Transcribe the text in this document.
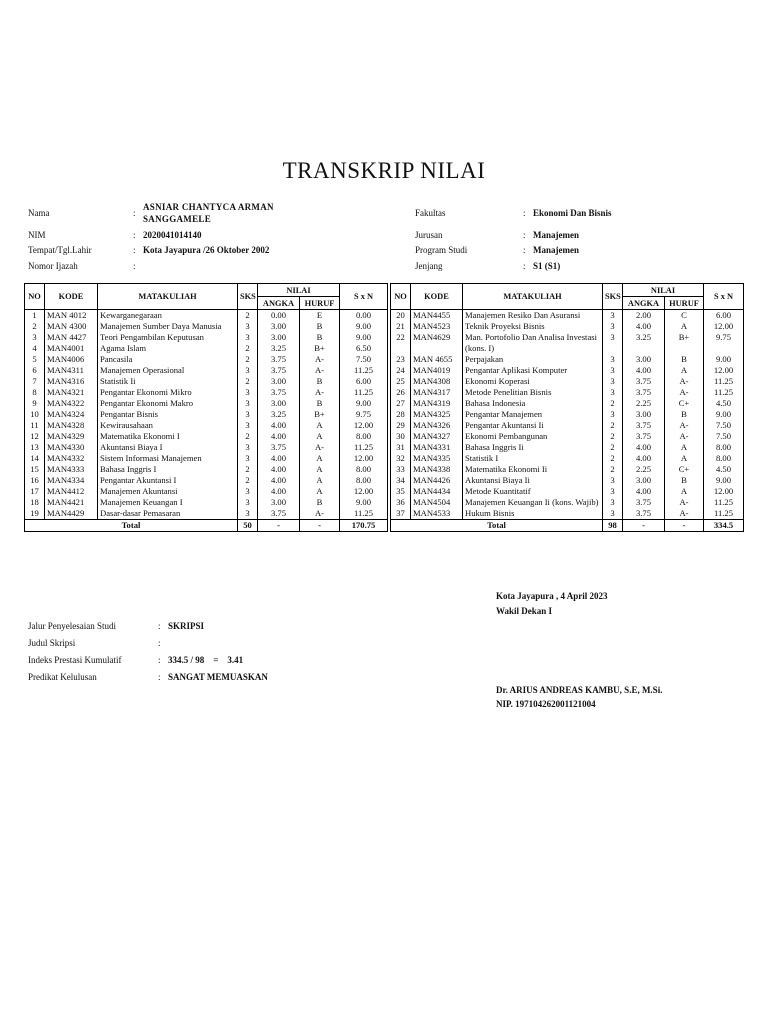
TRANSKRIP NILAI
Nama	:
ASNIAR CHANTYCA ARMAN SANGGAMELE
NIM	: 2020041014140
Tempat/Tgl.Lahir	: Kota Jayapura /26 Oktober 2002
Nomor Ijazah	:
Fakultas	: Ekonomi Dan Bisnis
Jurusan	: Manajemen
Program Studi	: Manajemen
Jenjang	: S1 (S1)
NO	KODE	MATAKULIAH	SKS	NILAI		S x N
				ANGKA	HURUF	
1	MAN 4012	Kewarganegaraan	2	0.00	E	0.00
2	MAN 4300	Manajemen Sumber Daya Manusia	3	3.00	B	9.00
3	MAN 4427	Teori Pengambilan Keputusan	3	3.00	B	9.00
4	MAN4001	Agama Islam	2	3.25	B+	6.50
5	MAN4006	Pancasila	2	3.75	A-	7.50
6	MAN4311	Manajemen Operasional	3	3.75	A-	11.25
7	MAN4316	Statistik Ii	2	3.00	B	6.00
8	MAN4321	Pengantar Ekonomi Mikro	3	3.75	A-	11.25
9	MAN4322	Pengantar Ekonomi Makro	3	3.00	B	9.00
10	MAN4324	Pengantar Bisnis	3	3.25	B+	9.75
11	MAN4328	Kewirausahaan	3	4.00	A	12.00
12	MAN4329	Matematika Ekonomi I	2	4.00	A	8.00
13	MAN4330	Akuntansi Biaya I	3	3.75	A-	11.25
14	MAN4332	Sistem Informasi Manajemen	3	4.00	A	12.00
15	MAN4333	Bahasa Inggris I	2	4.00	A	8.00
16	MAN4334	Pengantar Akuntansi I	2	4.00	A	8.00
17	MAN4412	Manajemen Akuntansi	3	4.00	A	12.00
18	MAN4421	Manajemen Keuangan I	3	3.00	B	9.00
19	MAN4429	Dasar-dasar Pemasaran	3	3.75	A-	11.25
Total			50	-	-	170.75
NO	KODE	MATAKULIAH	SKS	NILAI		S x N
				ANGKA	HURUF	
20	MAN4455	Manajemen Resiko Dan Asuransi	3	2.00	C	6.00
21	MAN4523	Teknik Proyeksi Bisnis	3	4.00	A	12.00
22	MAN4629	Man. Portofolio Dan Analisa Investasi (kons. I)	3	3.25	B+	9.75
23	MAN 4655	Perpajakan	3	3.00	B	9.00
24	MAN4019	Pengantar Aplikasi Komputer	3	4.00	A	12.00
25	MAN4308	Ekonomi Koperasi	3	3.75	A-	11.25
26	MAN4317	Metode Penelitian Bisnis	3	3.75	A-	11.25
27	MAN4319	Bahasa Indonesia	2	2.25	C+	4.50
28	MAN4325	Pengantar Manajemen	3	3.00	B	9.00
29	MAN4326	Pengantar Akuntansi Ii	2	3.75	A-	7.50
30	MAN4327	Ekonomi Pembangunan	2	3.75	A-	7.50
31	MAN4331	Bahasa Inggris Ii	2	4.00	A	8.00
32	MAN4335	Statistik I	2	4.00	A	8.00
33	MAN4338	Matematika Ekonomi Ii	2	2.25	C+	4.50
34	MAN4426	Akuntansi Biaya Ii	3	3.00	B	9.00
35	MAN4434	Metode Kuantitatif	3	4.00	A	12.00
36	MAN4504	Manajemen Keuangan Ii (kons. Wajib)	3	3.75	A-	11.25
37	MAN4533	Hukum Bisnis	3	3.75	A-	11.25
Total			98	-	-	334.5
Jalur Penyelesaian Studi	: SKRIPSI
Judul Skripsi	:
Indeks Prestasi Kumulatif	: 334.5 / 98    =    3.41
Predikat Kelulusan	: SANGAT MEMUASKAN
Kota Jayapura , 4 April 2023
Wakil Dekan I
Dr. ARIUS ANDREAS KAMBU, S.E, M.Si.
NIP. 197104262001121004
